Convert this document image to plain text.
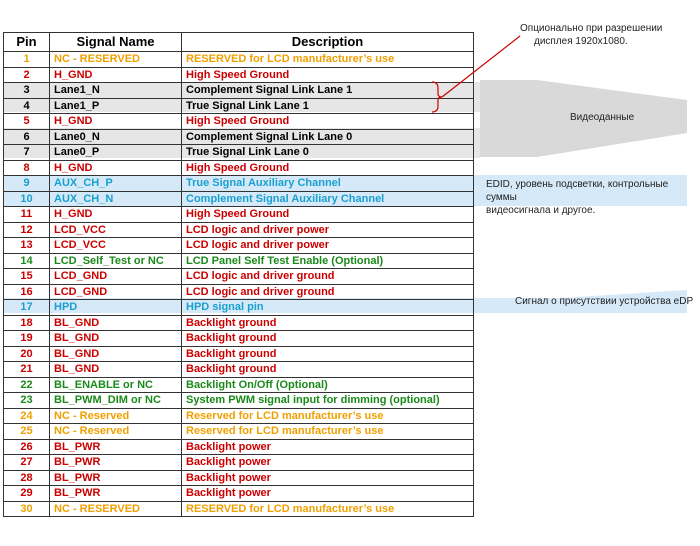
Pin	Signal Name	Description
1	NC - RESERVED	RESERVED for LCD manufacturer’s use
2	H_GND	High Speed Ground
3	Lane1_N	Complement Signal Link Lane 1
4	Lane1_P	True Signal Link Lane 1
5	H_GND	High Speed Ground
6	Lane0_N	Complement Signal Link Lane 0
7	Lane0_P	True Signal Link Lane 0
8	H_GND	High Speed Ground
9	AUX_CH_P	True Signal Auxiliary Channel
10	AUX_CH_N	Complement Signal Auxiliary Channel
11	H_GND	High Speed Ground
12	LCD_VCC	LCD logic and driver power
13	LCD_VCC	LCD logic and driver power
14	LCD_Self_Test or NC	LCD Panel Self Test Enable (Optional)
15	LCD_GND	LCD logic and driver ground
16	LCD_GND	LCD logic and driver ground
17	HPD	HPD signal pin
18	BL_GND	Backlight ground
19	BL_GND	Backlight ground
20	BL_GND	Backlight ground
21	BL_GND	Backlight ground
22	BL_ENABLE or NC	Backlight On/Off (Optional)
23	BL_PWM_DIM or NC	System PWM signal input for dimming (optional)
24	NC - Reserved	Reserved for LCD manufacturer’s use
25	NC - Reserved	Reserved for LCD manufacturer’s use
26	BL_PWR	Backlight power
27	BL_PWR	Backlight power
28	BL_PWR	Backlight power
29	BL_PWR	Backlight power
30	NC - RESERVED	RESERVED for LCD manufacturer’s use
Опционально при разрешении
дисплея 1920x1080.
Видеоданные
EDID, уровень подсветки, контрольные суммы
видеосигнала и другое.
Сигнал о присутствии устройства eDP
